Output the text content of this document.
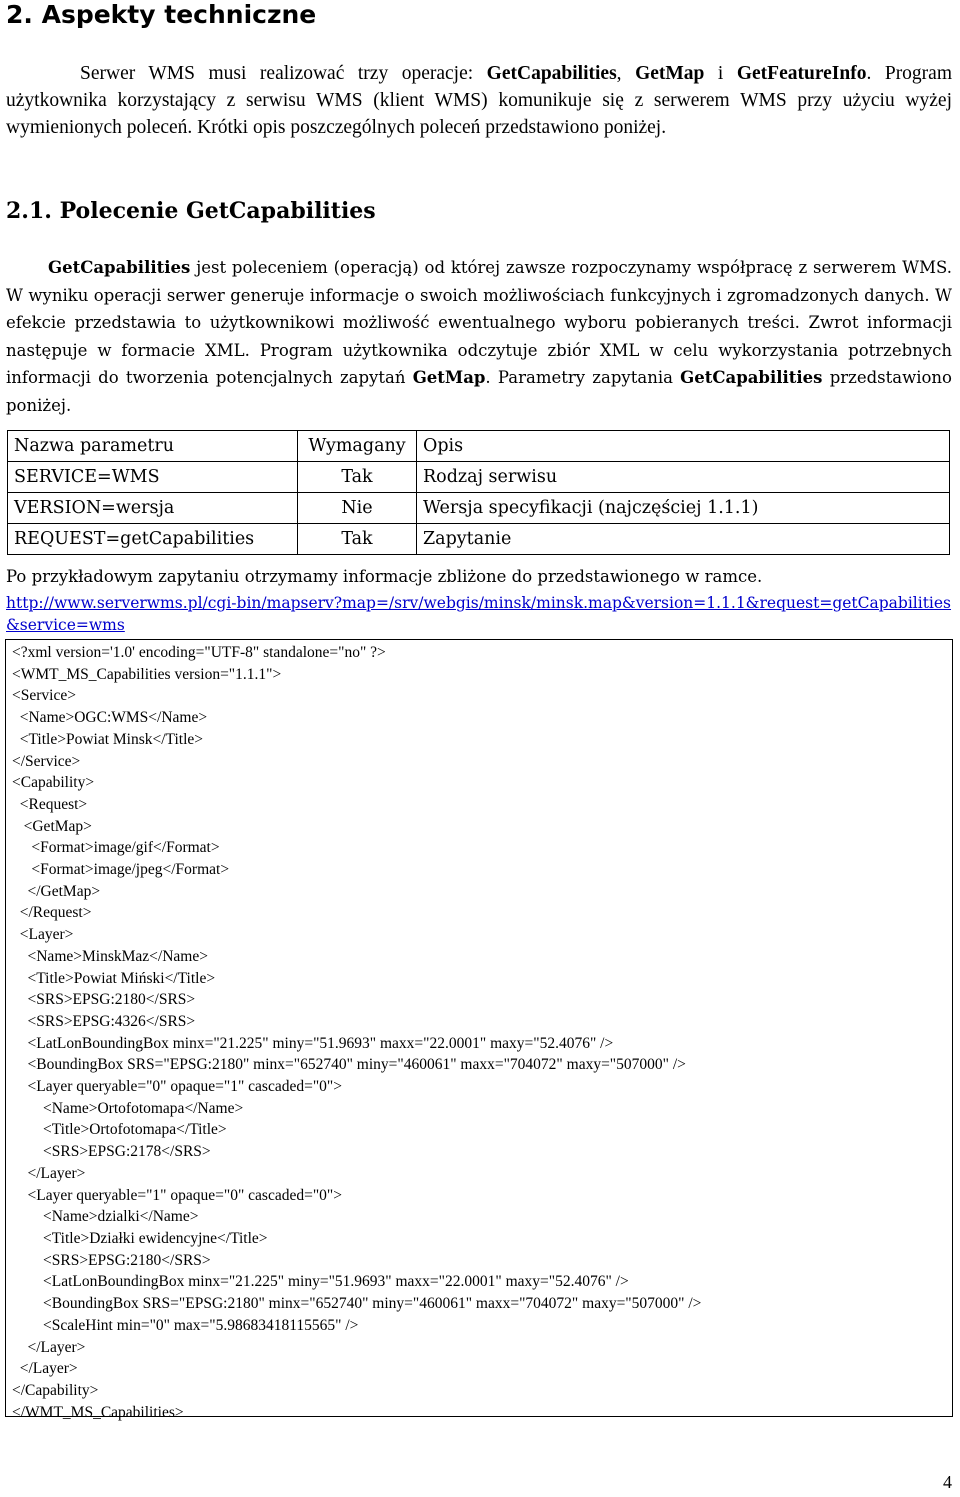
2. Aspekty techniczne
Serwer WMS musi realizować trzy operacje: GetCapabilities, GetMap i GetFeatureInfo. Program użytkownika korzystający z serwisu WMS (klient WMS) komunikuje się z serwerem WMS przy użyciu wyżej wymienionych poleceń. Krótki opis poszczególnych poleceń przedstawiono poniżej.
2.1. Polecenie GetCapabilities
GetCapabilities jest poleceniem (operacją) od której zawsze rozpoczynamy współpracę z serwerem WMS. W wyniku operacji serwer generuje informacje o swoich możliwościach funkcyjnych i zgromadzonych danych. W efekcie przedstawia to użytkownikowi możliwość ewentualnego wyboru pobieranych treści. Zwrot informacji następuje w formacie XML. Program użytkownika odczytuje zbiór XML w celu wykorzystania potrzebnych informacji do tworzenia potencjalnych zapytań GetMap. Parametry zapytania GetCapabilities przedstawiono poniżej.
Nazwa parametru	Wymagany	Opis
SERVICE=WMS	Tak	Rodzaj serwisu
VERSION=wersja	Nie	Wersja specyfikacji (najczęściej 1.1.1)
REQUEST=getCapabilities	Tak	Zapytanie
Po przykładowym zapytaniu otrzymamy informacje zbliżone do przedstawionego w ramce.
http://www.serverwms.pl/cgi-bin/mapserv?map=/srv/webgis/minsk/minsk.map&version=1.1.1&request=getCapabilities&service=wms
<?xml version='1.0' encoding="UTF-8" standalone="no" ?>
<WMT_MS_Capabilities version="1.1.1">
<Service>
<Name>OGC:WMS</Name>
<Title>Powiat Minsk</Title>
</Service>
<Capability>
<Request>
<GetMap>
<Format>image/gif</Format>
<Format>image/jpeg</Format>
</GetMap>
</Request>
<Layer>
<Name>MinskMaz</Name>
<Title>Powiat Miński</Title>
<SRS>EPSG:2180</SRS>
<SRS>EPSG:4326</SRS>
<LatLonBoundingBox minx="21.225" miny="51.9693" maxx="22.0001" maxy="52.4076" />
<BoundingBox SRS="EPSG:2180" minx="652740" miny="460061" maxx="704072" maxy="507000" />
<Layer queryable="0" opaque="1" cascaded="0">
<Name>Ortofotomapa</Name>
<Title>Ortofotomapa</Title>
<SRS>EPSG:2178</SRS>
</Layer>
<Layer queryable="1" opaque="0" cascaded="0">
<Name>dzialki</Name>
<Title>Działki ewidencyjne</Title>
<SRS>EPSG:2180</SRS>
<LatLonBoundingBox minx="21.225" miny="51.9693" maxx="22.0001" maxy="52.4076" />
<BoundingBox SRS="EPSG:2180" minx="652740" miny="460061" maxx="704072" maxy="507000" />
<ScaleHint min="0" max="5.98683418115565" />
</Layer>
</Layer>
</Capability>
</WMT_MS_Capabilities>
4
